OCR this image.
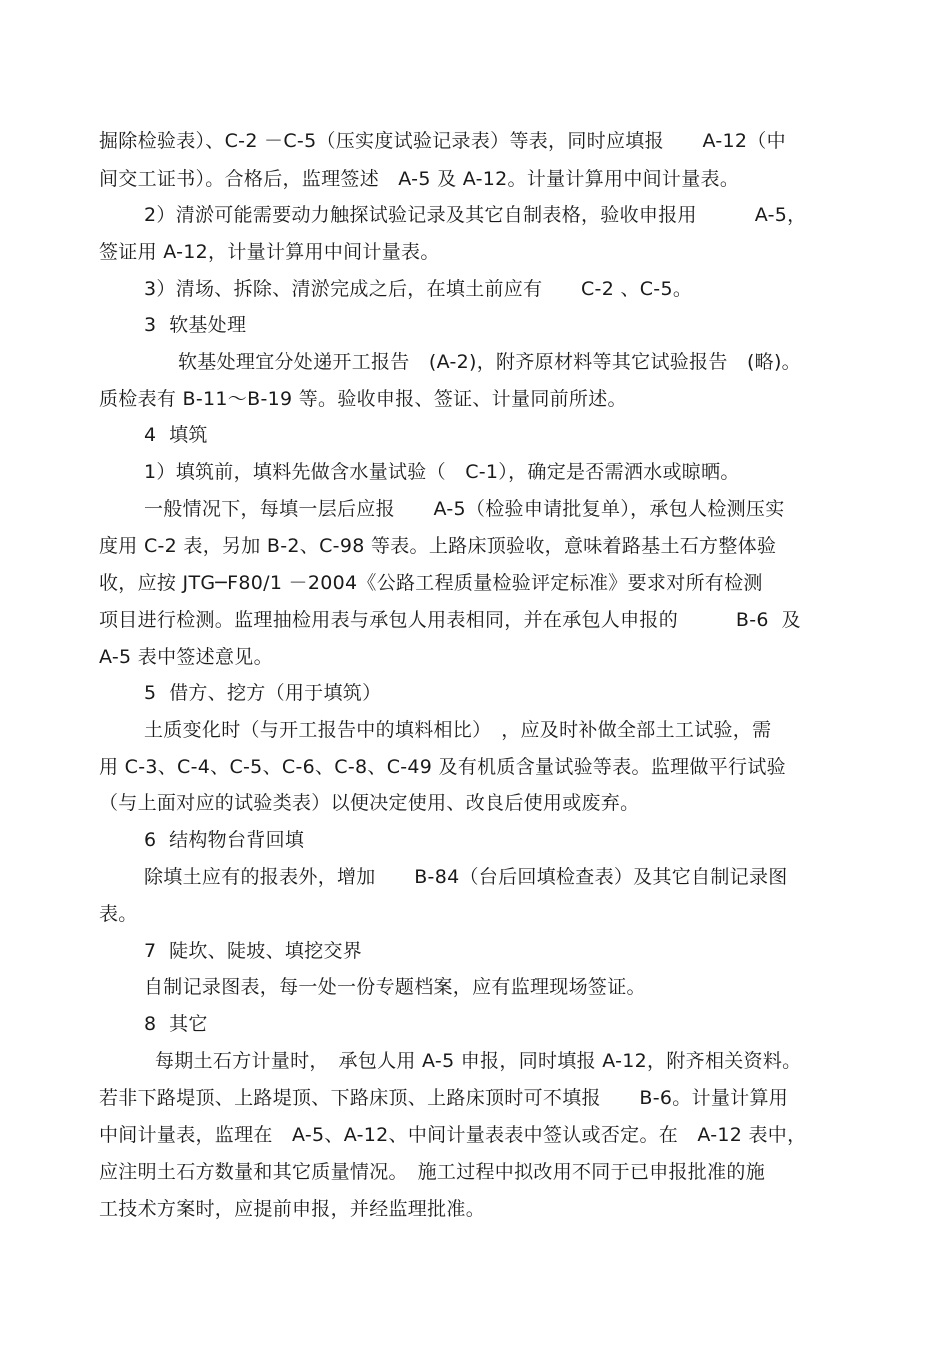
掘除检验表）、C-2 －C-5（压实度试验记录表）等表，同时应填报　　A-12（中
间交工证书）。合格后，监理签述　A-5 及 A-12。计量计算用中间计量表。
2）清淤可能需要动力触探试验记录及其它自制表格，验收申报用　　　A-5，
签证用 A-12，计量计算用中间计量表。
3）清场、拆除、清淤完成之后，在填土前应有　　C-2 、C-5。
3  软基处理
软基处理宜分处递开工报告　(A-2)，附齐原材料等其它试验报告　(略)。
质检表有 B-11～B-19 等。验收申报、签证、计量同前所述。
4  填筑
1）填筑前，填料先做含水量试验（　C-1），确定是否需洒水或晾晒。
一般情况下，每填一层后应报　　A-5（检验申请批复单），承包人检测压实
度用 C-2 表，另加 B-2、C-98 等表。上路床顶验收，意味着路基土石方整体验
收，应按 JTG─F80/1 －2004《公路工程质量检验评定标准》要求对所有检测
项目进行检测。监理抽检用表与承包人用表相同，并在承包人申报的　　　B-6  及
A-5 表中签述意见。
5  借方、挖方（用于填筑）
土质变化时（与开工报告中的填料相比）　，应及时补做全部土工试验，需
用 C-3、C-4、C-5、C-6、C-8、C-49 及有机质含量试验等表。监理做平行试验
（与上面对应的试验类表）以便决定使用、改良后使用或废弃。
6  结构物台背回填
除填土应有的报表外，增加　　B-84（台后回填检查表）及其它自制记录图
表。
7  陡坎、陡坡、填挖交界
自制记录图表，每一处一份专题档案，应有监理现场签证。
8  其它
每期土石方计量时，　承包人用 A-5 申报，同时填报 A-12，附齐相关资料。
若非下路堤顶、上路堤顶、下路床顶、上路床顶时可不填报　　B-6。计量计算用
中间计量表，监理在　A-5、A-12、中间计量表表中签认或否定。在　A-12 表中，
应注明土石方数量和其它质量情况。　施工过程中拟改用不同于已申报批准的施
工技术方案时，应提前申报，并经监理批准。
